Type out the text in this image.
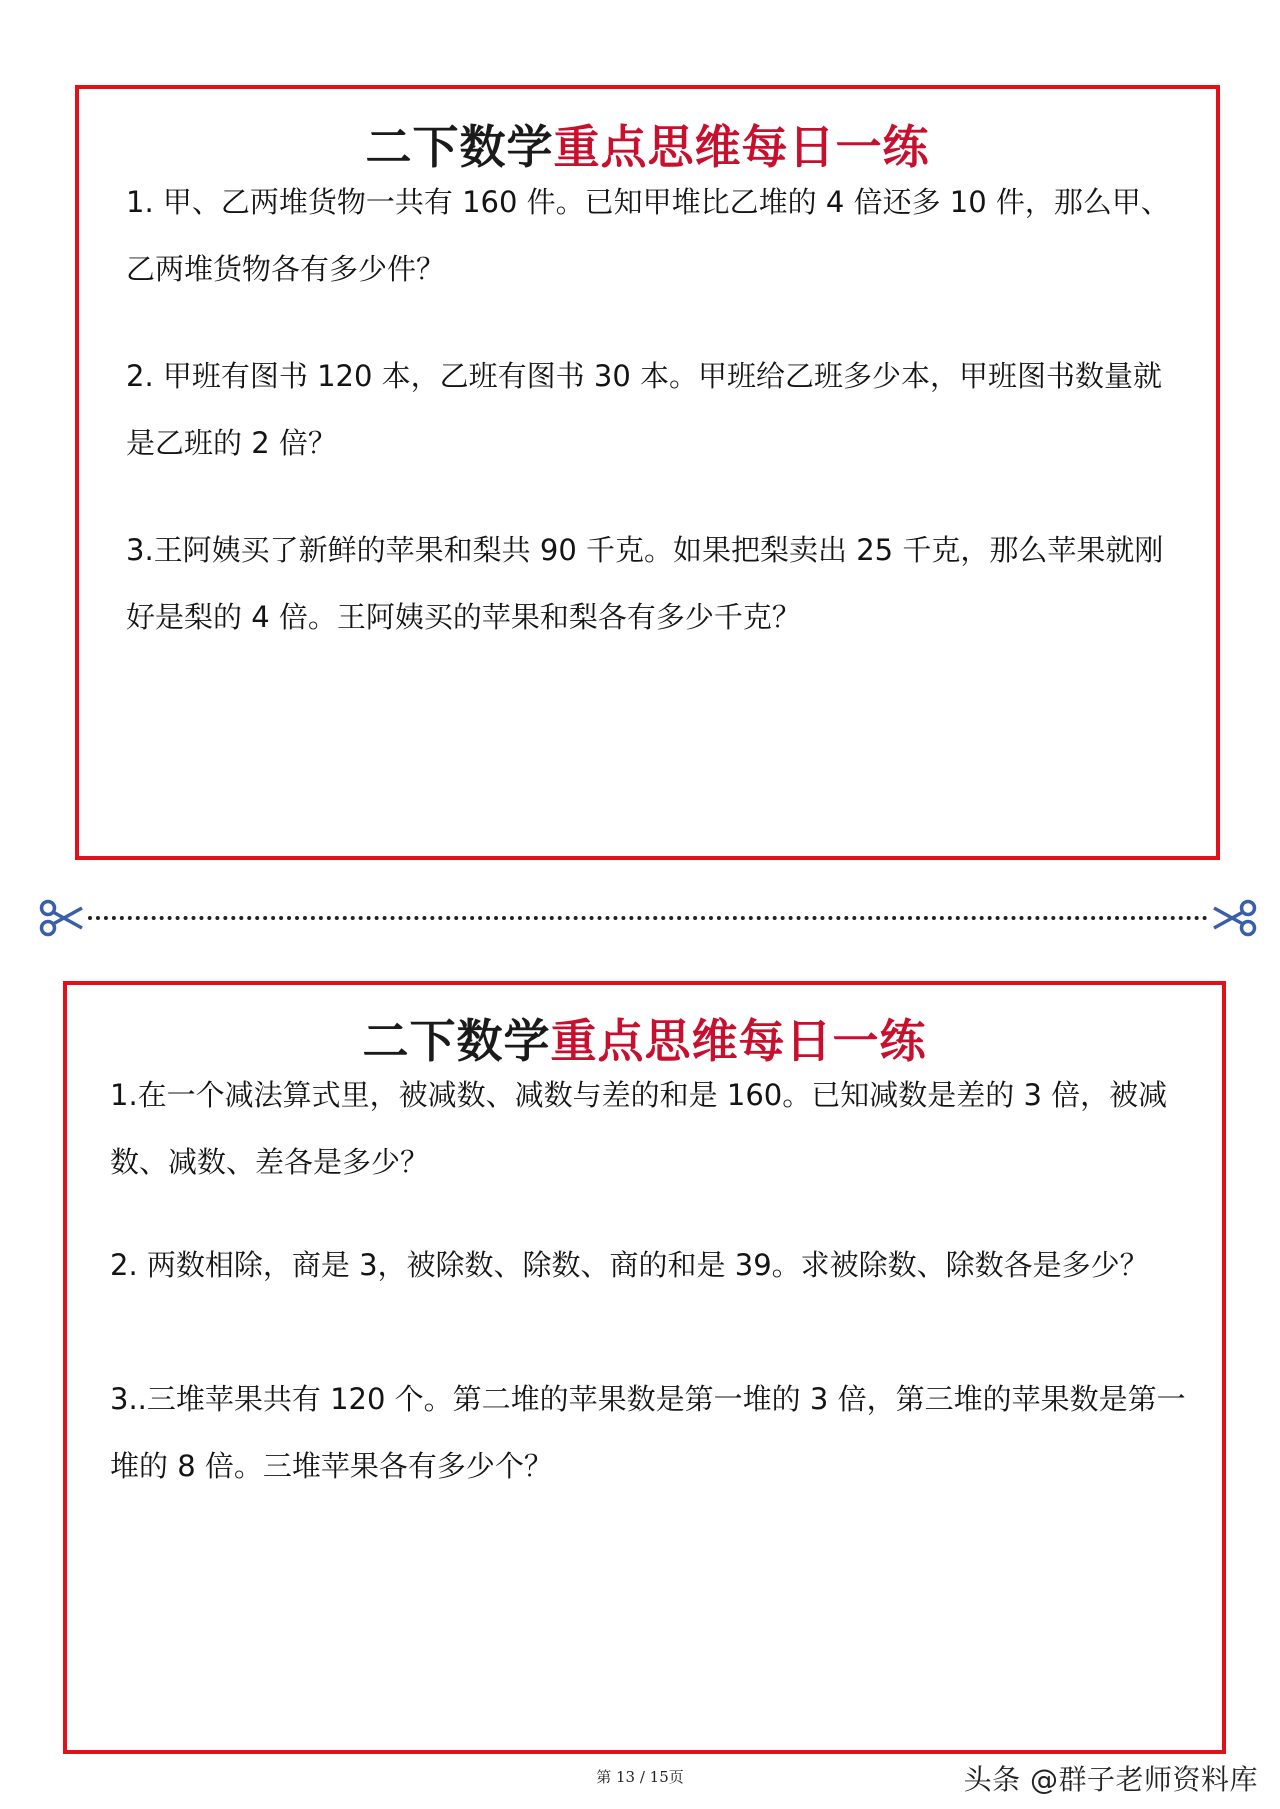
二下数学重点思维每日一练
1. 甲、乙两堆货物一共有 160 件。已知甲堆比乙堆的 4 倍还多 10 件，那么甲、乙两堆货物各有多少件？
2. 甲班有图书 120 本，乙班有图书 30 本。甲班给乙班多少本，甲班图书数量就是乙班的 2 倍？
3.王阿姨买了新鲜的苹果和梨共 90 千克。如果把梨卖出 25 千克，那么苹果就刚好是梨的 4 倍。王阿姨买的苹果和梨各有多少千克？
二下数学重点思维每日一练
1.在一个减法算式里，被减数、减数与差的和是 160。已知减数是差的 3 倍，被减数、减数、差各是多少？
2. 两数相除，商是 3，被除数、除数、商的和是 39。求被除数、除数各是多少？
3..三堆苹果共有 120 个。第二堆的苹果数是第一堆的 3 倍，第三堆的苹果数是第一堆的 8 倍。三堆苹果各有多少个？
第 13 / 15页	头条 @群子老师资料库
